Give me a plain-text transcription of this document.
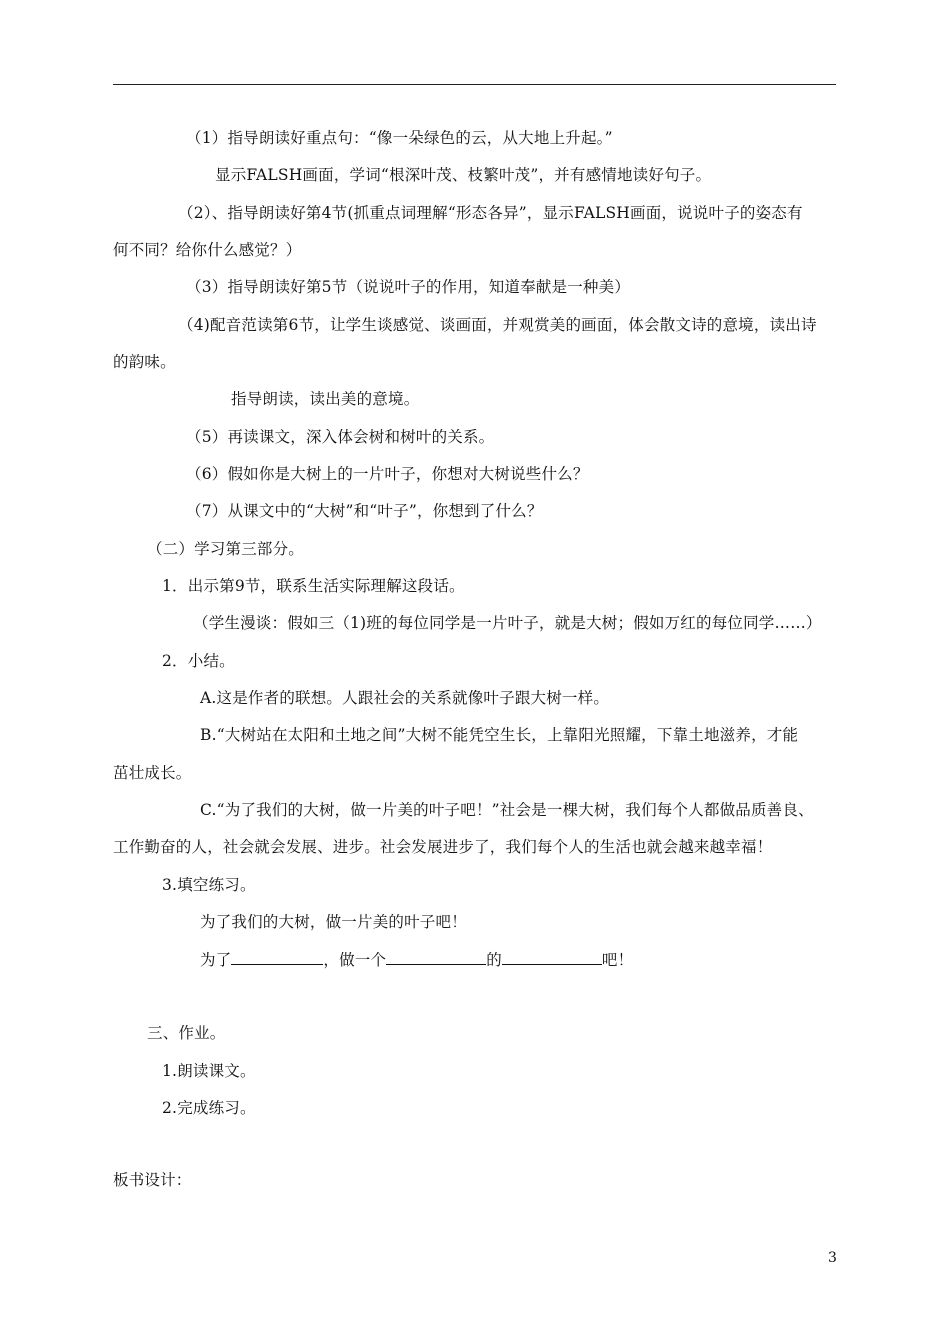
（1）指导朗读好重点句：“像一朵绿色的云，从大地上升起。”
显示FALSH画面，学词“根深叶茂、枝繁叶茂”，并有感情地读好句子。
（2）、指导朗读好第4节(抓重点词理解“形态各异”，显示FALSH画面，说说叶子的姿态有
何不同？给你什么感觉？）
（3）指导朗读好第5节（说说叶子的作用，知道奉献是一种美）
（4)配音范读第6节，让学生谈感觉、谈画面，并观赏美的画面，体会散文诗的意境，读出诗
的韵味。
指导朗读，读出美的意境。
（5）再读课文，深入体会树和树叶的关系。
（6）假如你是大树上的一片叶子，你想对大树说些什么？
（7）从课文中的“大树”和“叶子”，你想到了什么？
（二）学习第三部分。
1．出示第9节，联系生活实际理解这段话。
（学生漫谈：假如三（1)班的每位同学是一片叶子，就是大树；假如万红的每位同学……）
2．小结。
A.这是作者的联想。人跟社会的关系就像叶子跟大树一样。
B.“大树站在太阳和土地之间”大树不能凭空生长，上靠阳光照耀，下靠土地滋养，才能
茁壮成长。
C.“为了我们的大树，做一片美的叶子吧！”社会是一棵大树，我们每个人都做品质善良、
工作勤奋的人，社会就会发展、进步。社会发展进步了，我们每个人的生活也就会越来越幸福！
3.填空练习。
为了我们的大树，做一片美的叶子吧！
为了	，做一个	的	吧！
三、作业。
1.朗读课文。
2.完成练习。
板书设计：
3
